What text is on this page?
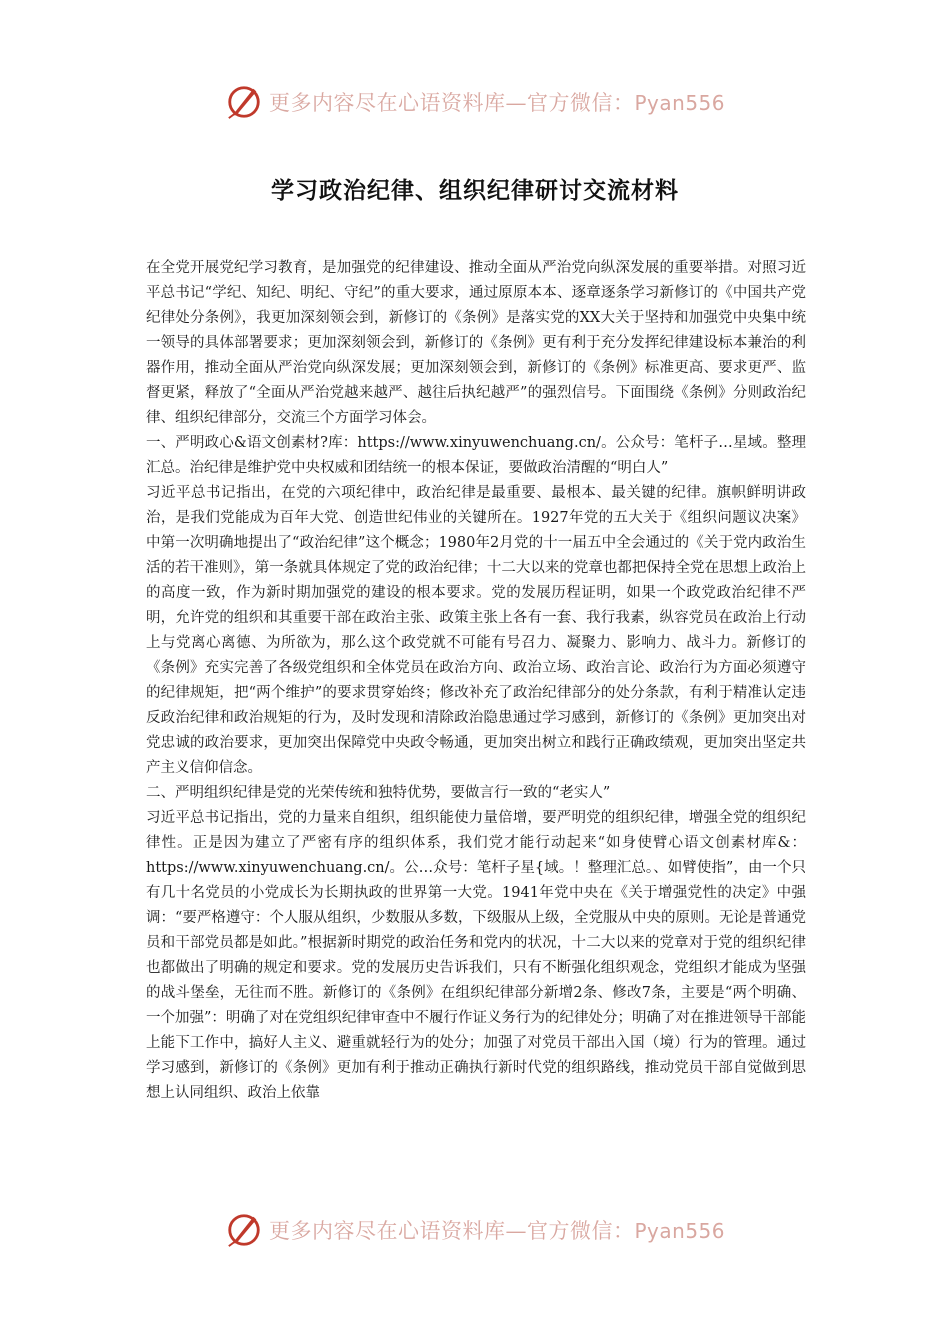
更多内容尽在心语资料库—官方微信：Pyan556
学习政治纪律、组织纪律研讨交流材料

在全党开展党纪学习教育，是加强党的纪律建设、推动全面从严治党向纵深发展的重要举措。对照习近平总书记“学纪、知纪、明纪、守纪”的重大要求，通过原原本本、逐章逐条学习新修订的《中国共产党纪律处分条例》，我更加深刻领会到，新修订的《条例》是落实党的XX大关于坚持和加强党中央集中统一领导的具体部署要求；更加深刻领会到，新修订的《条例》更有利于充分发挥纪律建设标本兼治的利器作用，推动全面从严治党向纵深发展；更加深刻领会到，新修订的《条例》标准更高、要求更严、监督更紧，释放了“全面从严治党越来越严、越往后执纪越严”的强烈信号。下面围绕《条例》分则政治纪律、组织纪律部分，交流三个方面学习体会。

一、严明政心&语文创素材?库：https://www.xinyuwenchuang.cn/。公众号：笔杆子…星域。整理汇总。治纪律是维护党中央权威和团结统一的根本保证，要做政治清醒的“明白人”

习近平总书记指出，在党的六项纪律中，政治纪律是最重要、最根本、最关键的纪律。旗帜鲜明讲政治，是我们党能成为百年大党、创造世纪伟业的关键所在。1927年党的五大关于《组织问题议决案》中第一次明确地提出了“政治纪律”这个概念；1980年2月党的十一届五中全会通过的《关于党内政治生活的若干准则》，第一条就具体规定了党的政治纪律；十二大以来的党章也都把保持全党在思想上政治上的高度一致，作为新时期加强党的建设的根本要求。党的发展历程证明，如果一个政党政治纪律不严明，允许党的组织和其重要干部在政治主张、政策主张上各有一套、我行我素，纵容党员在政治上行动上与党离心离德、为所欲为，那么这个政党就不可能有号召力、凝聚力、影响力、战斗力。新修订的《条例》充实完善了各级党组织和全体党员在政治方向、政治立场、政治言论、政治行为方面必须遵守的纪律规矩，把“两个维护”的要求贯穿始终；修改补充了政治纪律部分的处分条款，有利于精准认定违反政治纪律和政治规矩的行为，及时发现和清除政治隐患通过学习感到，新修订的《条例》更加突出对党忠诚的政治要求，更加突出保障党中央政令畅通，更加突出树立和践行正确政绩观，更加突出坚定共产主义信仰信念。

二、严明组织纪律是党的光荣传统和独特优势，要做言行一致的“老实人”

习近平总书记指出，党的力量来自组织，组织能使力量倍增，要严明党的组织纪律，增强全党的组织纪律性。正是因为建立了严密有序的组织体系，我们党才能行动起来“如身使臂心语文创素材库&：https://www.xinyuwenchuang.cn/。公…众号：笔杆子星{域。！整理汇总。、如臂使指”，由一个只有几十名党员的小党成长为长期执政的世界第一大党。1941年党中央在《关于增强党性的决定》中强调：“要严格遵守：个人服从组织，少数服从多数，下级服从上级，全党服从中央的原则。无论是普通党员和干部党员都是如此。”根据新时期党的政治任务和党内的状况，十二大以来的党章对于党的组织纪律也都做出了明确的规定和要求。党的发展历史告诉我们，只有不断强化组织观念，党组织才能成为坚强的战斗堡垒，无往而不胜。新修订的《条例》在组织纪律部分新增2条、修改7条，主要是“两个明确、一个加强”：明确了对在党组织纪律审查中不履行作证义务行为的纪律处分；明确了对在推进领导干部能上能下工作中，搞好人主义、避重就轻行为的处分；加强了对党员干部出入国（境）行为的管理。通过学习感到，新修订的《条例》更加有利于推动正确执行新时代党的组织路线，推动党员干部自觉做到思想上认同组织、政治上依靠

更多内容尽在心语资料库—官方微信：Pyan556
